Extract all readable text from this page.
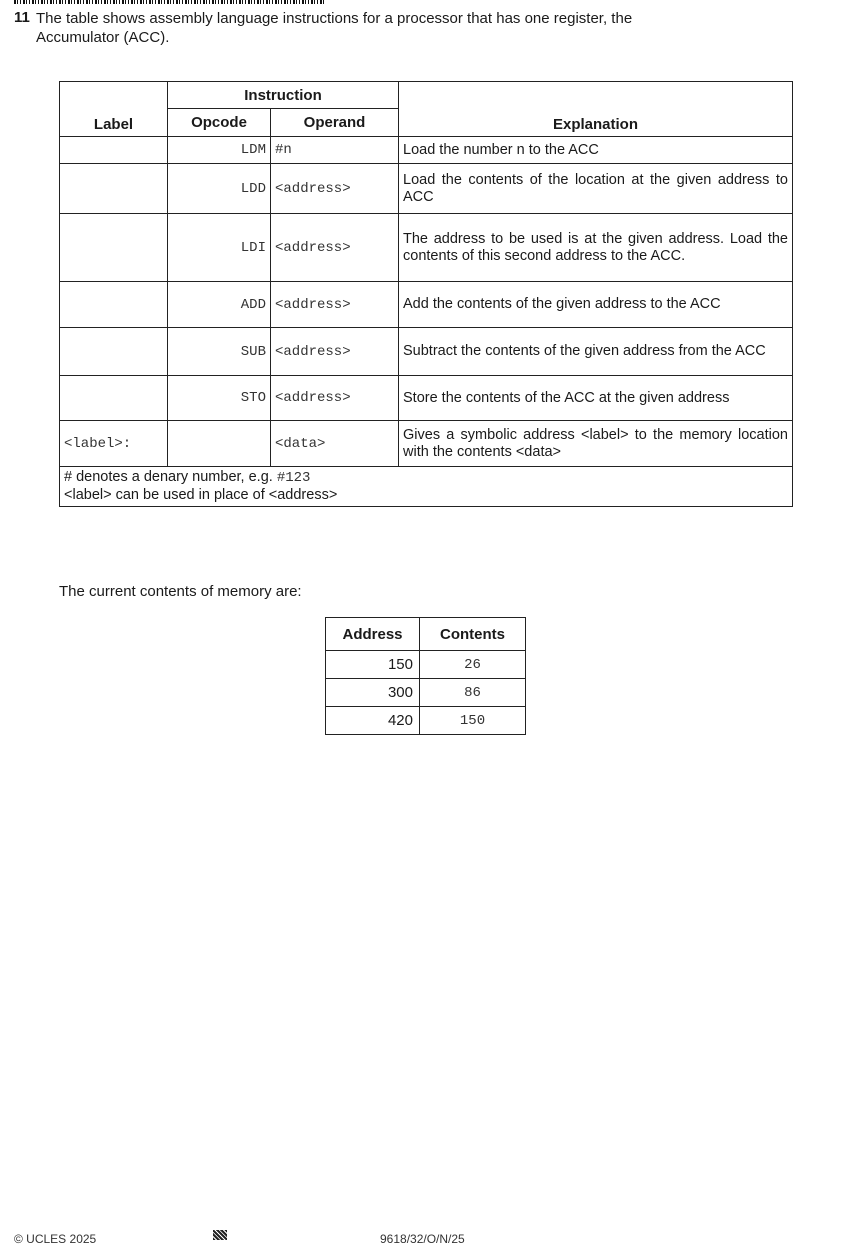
11 The table shows assembly language instructions for a processor that has one register, the
Accumulator (ACC).
Label	Instruction		Explanation
	Opcode	Operand	
	LDM	#n	Load the number n to the ACC
	LDD	<address>	Load the contents of the location at the given address to ACC
	LDI	<address>	The address to be used is at the given address. Load the contents of this second address to the ACC.
	ADD	<address>	Add the contents of the given address to the ACC
	SUB	<address>	Subtract the contents of the given address from the ACC
	STO	<address>	Store the contents of the ACC at the given address
<label>:		<data>	Gives a symbolic address <label> to the memory location with the contents <data>
# denotes a denary number, e.g. #123
<label> can be used in place of <address>			
The current contents of memory are:
Address	Contents
150	26
300	86
420	150
© UCLES 2025	9618/32/O/N/25
